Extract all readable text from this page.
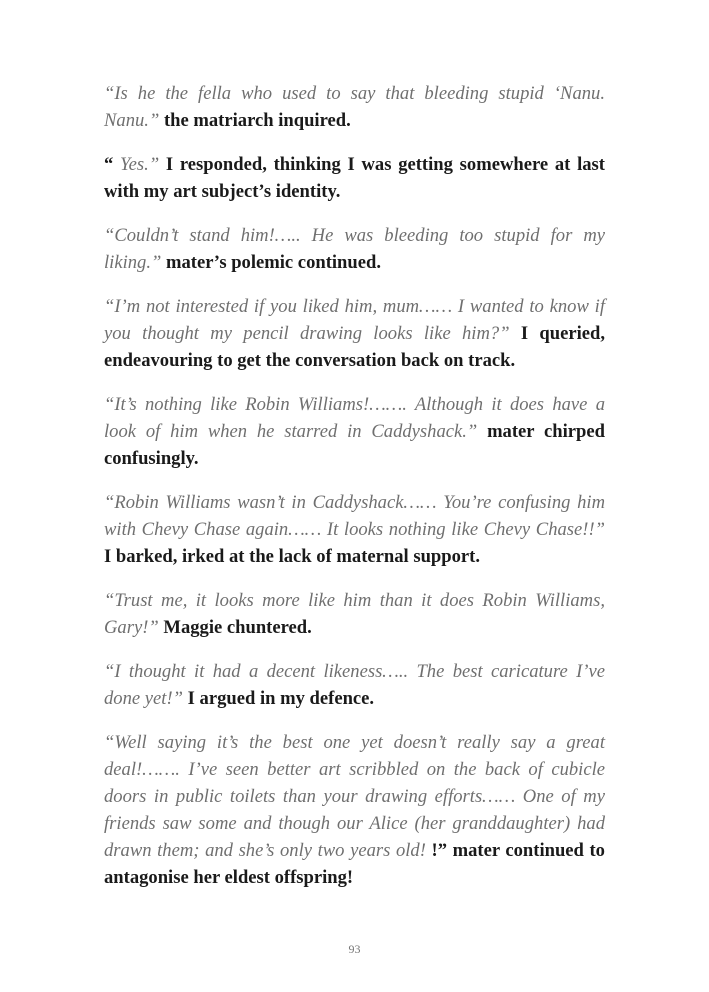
“Is he the fella who used to say that bleeding stupid ‘Nanu. Nanu.” the matriarch inquired.

“ Yes.” I responded, thinking I was getting somewhere at last with my art subject’s identity.

“Couldn’t stand him!….. He was bleeding too stupid for my liking.” mater’s polemic continued.

“I’m not interested if you liked him, mum…… I wanted to know if you thought my pencil drawing looks like him?” I queried, endeavouring to get the conversation back on track.

“It’s nothing like Robin Williams!……. Although it does have a look of him when he starred in Caddyshack.” mater chirped confusingly.

“Robin Williams wasn’t in Caddyshack…… You’re confusing him with Chevy Chase again…… It looks nothing like Chevy Chase!!” I barked, irked at the lack of maternal support.

“Trust me, it looks more like him than it does Robin Williams, Gary!” Maggie chuntered.

“I thought it had a decent likeness….. The best caricature I’ve done yet!” I argued in my defence.

“Well saying it’s the best one yet doesn’t really say a great deal!……. I’ve seen better art scribbled on the back of cubicle doors in public toilets than your drawing efforts…… One of my friends saw some and though our Alice (her granddaughter) had drawn them; and she’s only two years old! !” mater continued to antagonise her eldest offspring!

93
